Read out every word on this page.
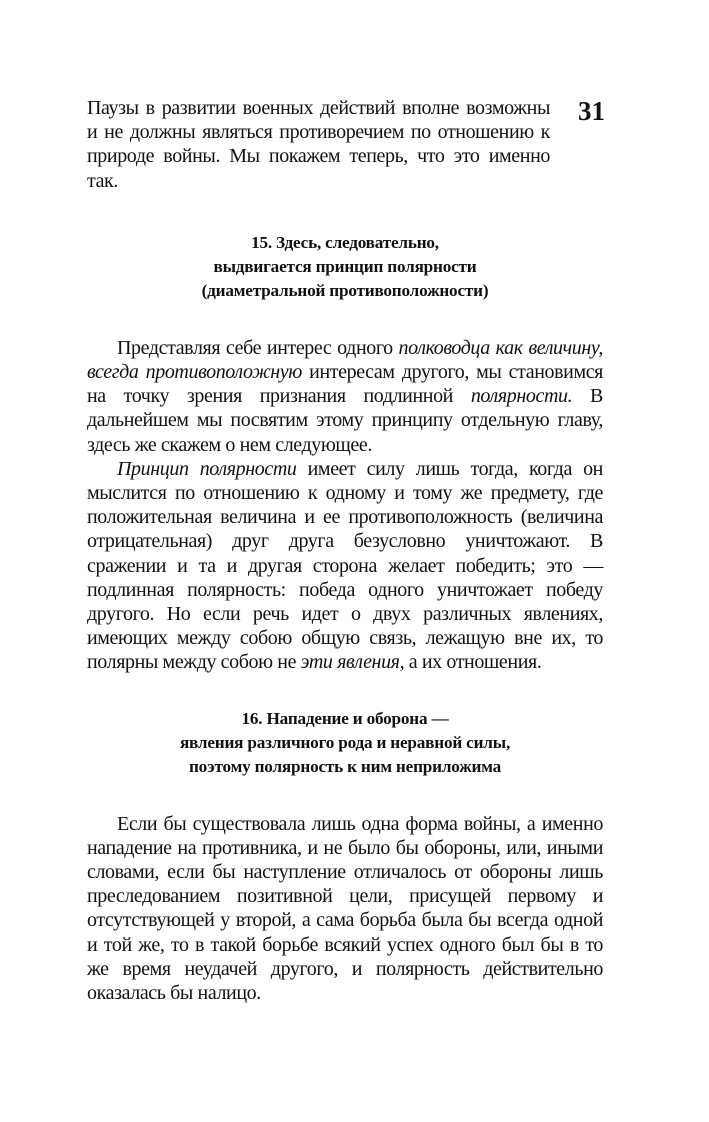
31

Паузы в развитии военных действий вполне возможны и не должны являться противоречием по отношению к природе войны. Мы покажем теперь, что это именно так.

15. Здесь, следовательно,
выдвигается принцип полярности
(диаметральной противоположности)

Представляя себе интерес одного полководца как величину, всегда противоположную интересам другого, мы становимся на точку зрения признания подлинной полярности. В дальнейшем мы посвятим этому принципу отдельную главу, здесь же скажем о нем следующее.

Принцип полярности имеет силу лишь тогда, когда он мыслится по отношению к одному и тому же предмету, где положительная величина и ее противоположность (величина отрицательная) друг друга безусловно уничтожают. В сражении и та и другая сторона желает победить; это — подлинная полярность: победа одного уничтожает победу другого. Но если речь идет о двух различных явлениях, имеющих между собою общую связь, лежащую вне их, то полярны между собою не эти явления, а их отношения.

16. Нападение и оборона —
явления различного рода и неравной силы,
поэтому полярность к ним неприложима

Если бы существовала лишь одна форма войны, а именно нападение на противника, и не было бы обороны, или, иными словами, если бы наступление отличалось от обороны лишь преследованием позитивной цели, присущей первому и отсутствующей у второй, а сама борьба была бы всегда одной и той же, то в такой борьбе всякий успех одного был бы в то же время неудачей другого, и полярность действительно оказалась бы налицо.
